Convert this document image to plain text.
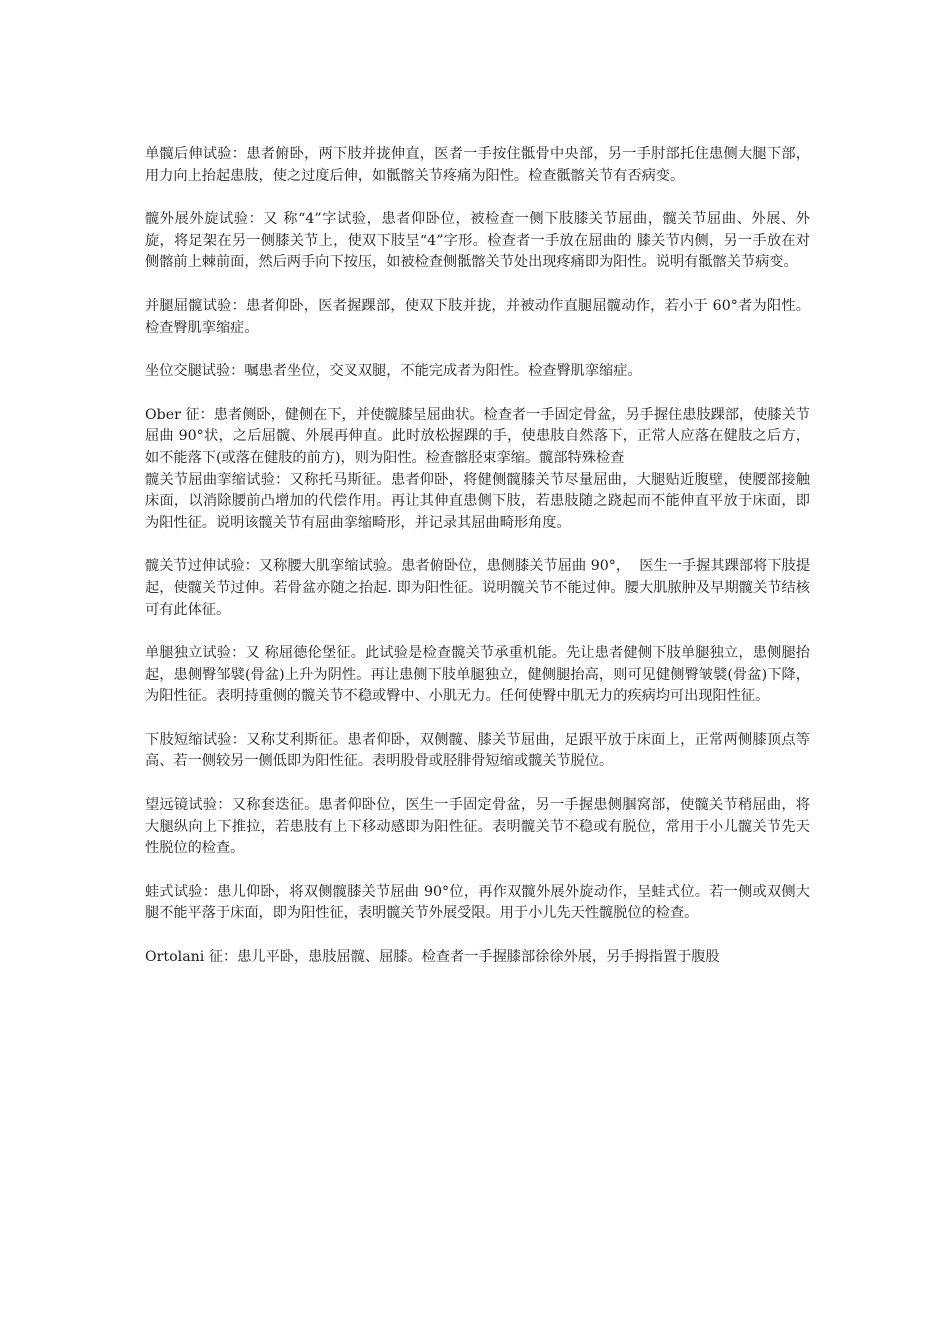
单髋后伸试验：患者俯卧，两下肢并拢伸直，医者一手按住骶骨中央部，另一手肘部托住患侧大腿下部，用力向上抬起患肢，使之过度后伸，如骶髂关节疼痛为阳性。检查骶髂关节有否病变。

髋外展外旋试验：又 称“4”字试验，患者仰卧位，被检查一侧下肢膝关节屈曲，髋关节屈曲、外展、外旋，将足架在另一侧膝关节上，使双下肢呈“4”字形。检查者一手放在屈曲的 膝关节内侧，另一手放在对侧髂前上棘前面，然后两手向下按压，如被检查侧骶髂关节处出现疼痛即为阳性。说明有骶髂关节病变。

并腿屈髋试验：患者仰卧，医者握踝部，使双下肢并拢，并被动作直腿屈髋动作，若小于 60°者为阳性。检查臀肌挛缩症。

坐位交腿试验：嘱患者坐位，交叉双腿，不能完成者为阳性。检查臀肌挛缩症。

Ober 征：患者侧卧，健侧在下，并使髋膝呈屈曲状。检查者一手固定骨盆，另手握住患肢踝部，使膝关节屈曲 90°状，之后屈髋、外展再伸直。此时放松握踝的手，使患肢自然落下，正常人应落在健肢之后方，如不能落下(或落在健肢的前方)，则为阳性。检查髂胫束挛缩。髋部特殊检查
髋关节屈曲挛缩试验：又称托马斯征。患者仰卧，将健侧髋膝关节尽量屈曲，大腿贴近腹壁，使腰部接触床面，以消除腰前凸增加的代偿作用。再让其伸直患侧下肢，若患肢随之跷起而不能伸直平放于床面，即为阳性征。说明该髋关节有屈曲挛缩畸形，并记录其屈曲畸形角度。

髋关节过伸试验：又称腰大肌挛缩试验。患者俯卧位，患侧膝关节屈曲 90°，  医生一手握其踝部将下肢提起，使髋关节过伸。若骨盆亦随之抬起. 即为阳性征。说明髋关节不能过伸。腰大肌脓肿及早期髋关节结核可有此体征。

单腿独立试验：又 称屈德伦堡征。此试验是检查髋关节承重机能。先让患者健侧下肢单腿独立，患侧腿抬起，患侧臀邹襞(骨盆)上升为阴性。再让患侧下肢单腿独立，健侧腿抬高，则可见健侧臀皱襞(骨盆)下降，为阳性征。表明持重侧的髋关节不稳或臀中、小肌无力。任何使臀中肌无力的疾病均可出现阳性征。

下肢短缩试验：又称艾利斯征。患者仰卧，双侧髋、膝关节屈曲，足跟平放于床面上，正常两侧膝顶点等高、若一侧较另一侧低即为阳性征。表明股骨或胫腓骨短缩或髋关节脱位。

望远镜试验：又称套迭征。患者仰卧位，医生一手固定骨盆，另一手握患侧腘窝部，使髋关节稍屈曲，将大腿纵向上下推拉，若患肢有上下移动感即为阳性征。表明髋关节不稳或有脱位，常用于小儿髋关节先天性脱位的检查。

蛙式试验：患儿仰卧，将双侧髋膝关节屈曲 90°位，再作双髋外展外旋动作，呈蛙式位。若一侧或双侧大腿不能平落于床面，即为阳性征，表明髋关节外展受限。用于小儿先天性髋脱位的检查。

Ortolani 征：患儿平卧，患肢屈髋、屈膝。检查者一手握膝部徐徐外展，另手拇指置于腹股
